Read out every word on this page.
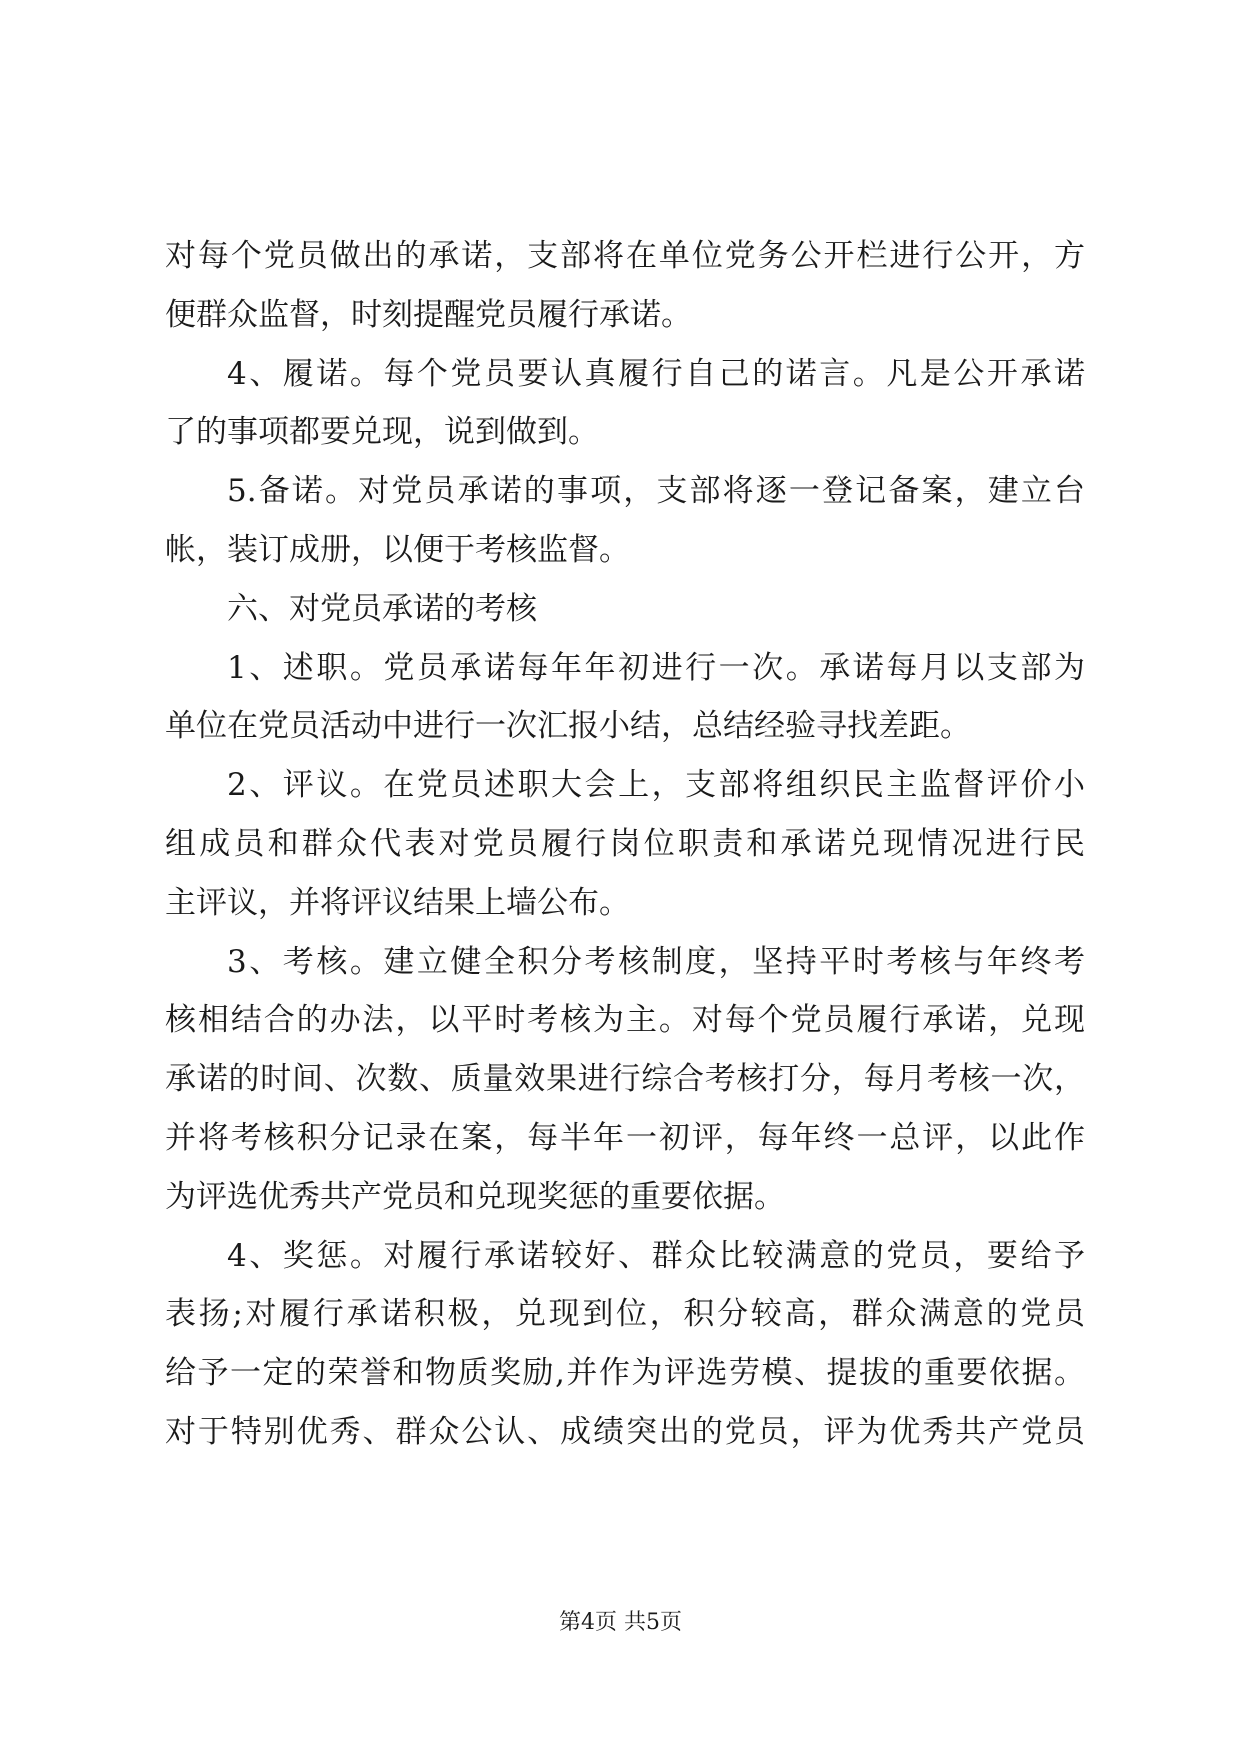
对每个党员做出的承诺，支部将在单位党务公开栏进行公开，方
便群众监督，时刻提醒党员履行承诺。
4、履诺。每个党员要认真履行自己的诺言。凡是公开承诺
了的事项都要兑现，说到做到。
5.备诺。对党员承诺的事项，支部将逐一登记备案，建立台
帐，装订成册，以便于考核监督。
六、对党员承诺的考核
1、述职。党员承诺每年年初进行一次。承诺每月以支部为
单位在党员活动中进行一次汇报小结，总结经验寻找差距。
2、评议。在党员述职大会上，支部将组织民主监督评价小
组成员和群众代表对党员履行岗位职责和承诺兑现情况进行民
主评议，并将评议结果上墙公布。
3、考核。建立健全积分考核制度，坚持平时考核与年终考
核相结合的办法，以平时考核为主。对每个党员履行承诺，兑现
承诺的时间、次数、质量效果进行综合考核打分，每月考核一次，
并将考核积分记录在案，每半年一初评，每年终一总评，以此作
为评选优秀共产党员和兑现奖惩的重要依据。
4、奖惩。对履行承诺较好、群众比较满意的党员，要给予
表扬;对履行承诺积极，兑现到位，积分较高，群众满意的党员
给予一定的荣誉和物质奖励,并作为评选劳模、提拔的重要依据。
对于特别优秀、群众公认、成绩突出的党员，评为优秀共产党员
第4页 共5页
